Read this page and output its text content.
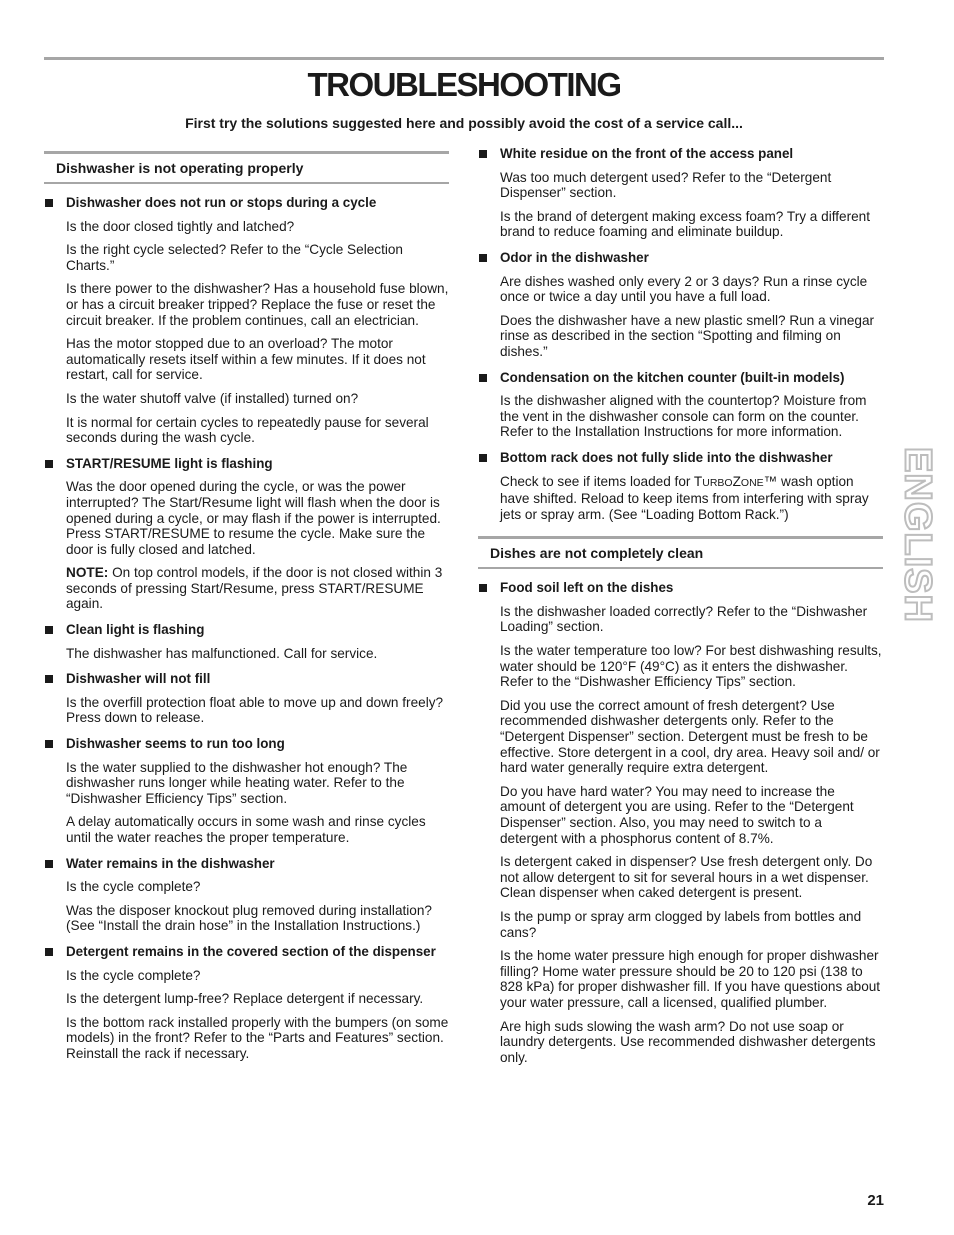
TROUBLESHOOTING

First try the solutions suggested here and possibly avoid the cost of a service call...

Dishwasher is not operating properly
Dishwasher does not run or stops during a cycle

Is the door closed tightly and latched?

Is the right cycle selected? Refer to the “Cycle Selection Charts.”

Is there power to the dishwasher? Has a household fuse blown, or has a circuit breaker tripped? Replace the fuse or reset the circuit breaker. If the problem continues, call an electrician.

Has the motor stopped due to an overload? The motor automatically resets itself within a few minutes. If it does not restart, call for service.

Is the water shutoff valve (if installed) turned on?

It is normal for certain cycles to repeatedly pause for several seconds during the wash cycle.

START/RESUME light is flashing

Was the door opened during the cycle, or was the power interrupted? The Start/Resume light will flash when the door is opened during a cycle, or may flash if the power is interrupted. Press START/RESUME to resume the cycle. Make sure the door is fully closed and latched.

NOTE: On top control models, if the door is not closed within 3 seconds of pressing Start/Resume, press START/RESUME again.

Clean light is flashing

The dishwasher has malfunctioned. Call for service.

Dishwasher will not fill

Is the overfill protection float able to move up and down freely? Press down to release.

Dishwasher seems to run too long

Is the water supplied to the dishwasher hot enough? The dishwasher runs longer while heating water. Refer to the “Dishwasher Efficiency Tips” section.

A delay automatically occurs in some wash and rinse cycles until the water reaches the proper temperature.

Water remains in the dishwasher

Is the cycle complete?

Was the disposer knockout plug removed during installation? (See “Install the drain hose” in the Installation Instructions.)

Detergent remains in the covered section of the dispenser

Is the cycle complete?

Is the detergent lump-free? Replace detergent if necessary.

Is the bottom rack installed properly with the bumpers (on some models) in the front? Refer to the “Parts and Features” section. Reinstall the rack if necessary.

White residue on the front of the access panel

Was too much detergent used? Refer to the “Detergent Dispenser” section.

Is the brand of detergent making excess foam? Try a different brand to reduce foaming and eliminate buildup.

Odor in the dishwasher

Are dishes washed only every 2 or 3 days? Run a rinse cycle once or twice a day until you have a full load.

Does the dishwasher have a new plastic smell? Run a vinegar rinse as described in the section “Spotting and filming on dishes.”

Condensation on the kitchen counter (built-in models)

Is the dishwasher aligned with the countertop? Moisture from the vent in the dishwasher console can form on the counter. Refer to the Installation Instructions for more information.

Bottom rack does not fully slide into the dishwasher

Check to see if items loaded for TURBOZONE™ wash option have shifted. Reload to keep items from interfering with spray jets or spray arm. (See “Loading Bottom Rack.”)

Dishes are not completely clean
Food soil left on the dishes

Is the dishwasher loaded correctly? Refer to the “Dishwasher Loading” section.

Is the water temperature too low? For best dishwashing results, water should be 120°F (49°C) as it enters the dishwasher. Refer to the “Dishwasher Efficiency Tips” section.

Did you use the correct amount of fresh detergent? Use recommended dishwasher detergents only. Refer to the “Detergent Dispenser” section. Detergent must be fresh to be effective. Store detergent in a cool, dry area. Heavy soil and/ or hard water generally require extra detergent.

Do you have hard water? You may need to increase the amount of detergent you are using. Refer to the “Detergent Dispenser” section. Also, you may need to switch to a detergent with a phosphorus content of 8.7%.

Is detergent caked in dispenser? Use fresh detergent only. Do not allow detergent to sit for several hours in a wet dispenser. Clean dispenser when caked detergent is present.

Is the pump or spray arm clogged by labels from bottles and cans?

Is the home water pressure high enough for proper dishwasher filling? Home water pressure should be 20 to 120 psi (138 to 828 kPa) for proper dishwasher fill. If you have questions about your water pressure, call a licensed, qualified plumber.

Are high suds slowing the wash arm? Do not use soap or laundry detergents. Use recommended dishwasher detergents only.

ENGLISH
21
